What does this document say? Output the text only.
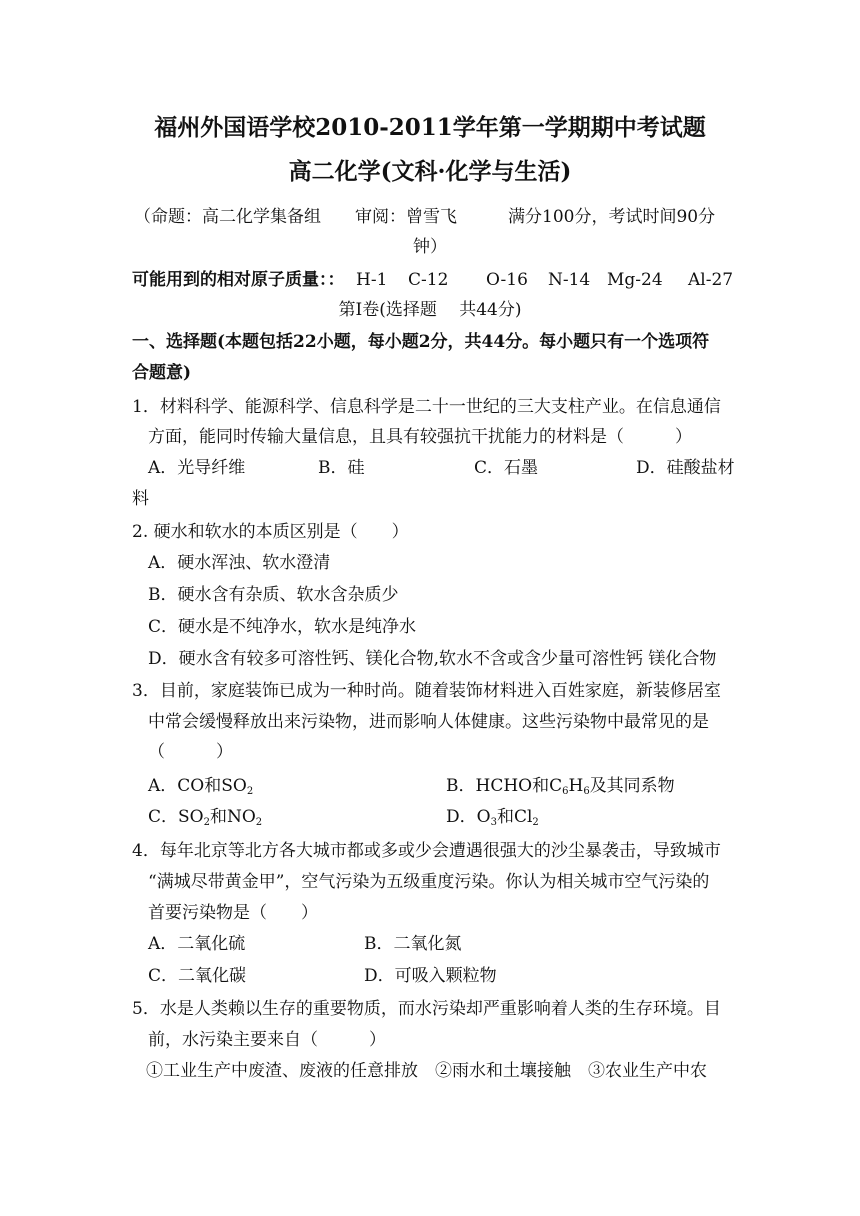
福州外国语学校2010-2011学年第一学期期中考试题
高二化学(文科·化学与生活)
（命题：高二化学集备组　　审阅：曾雪飞　　　满分100分，考试时间90分
钟）
可能用到的相对原子质量：： H-1 C-12 O-16 N-14 Mg-24 Al-27
第Ⅰ卷(选择题　 共44分)
一、选择题(本题包括22小题，每小题2分，共44分。每小题只有一个选项符
合题意)
1．材料科学、能源科学、信息科学是二十一世纪的三大支柱产业。在信息通信
方面，能同时传输大量信息，且具有较强抗干扰能力的材料是（　　　）
A．光导纤维	B．硅	C．石墨	D．硅酸盐材
料
2. 硬水和软水的本质区别是（　　）
A．硬水浑浊、软水澄清
B．硬水含有杂质、软水含杂质少
C．硬水是不纯净水，软水是纯净水
D．硬水含有较多可溶性钙、镁化合物,软水不含或含少量可溶性钙 镁化合物
3．目前，家庭装饰已成为一种时尚。随着装饰材料进入百姓家庭，新装修居室
中常会缓慢释放出来污染物，进而影响人体健康。这些污染物中最常见的是
（　　　）
A．CO和$SO_2$	B．HCHO和$C_6H_6$及其同系物
C．$SO_2$和$NO_2$	D．$O_3$和$Cl_2$
4．每年北京等北方各大城市都或多或少会遭遇很强大的沙尘暴袭击，导致城市
“满城尽带黄金甲”，空气污染为五级重度污染。你认为相关城市空气污染的
首要污染物是（　　）
A．二氧化硫	B．二氧化氮
C．二氧化碳	D．可吸入颗粒物
5．水是人类赖以生存的重要物质，而水污染却严重影响着人类的生存环境。目
前，水污染主要来自（　　　）
①工业生产中废渣、废液的任意排放　②雨水和土壤接触　③农业生产中农
